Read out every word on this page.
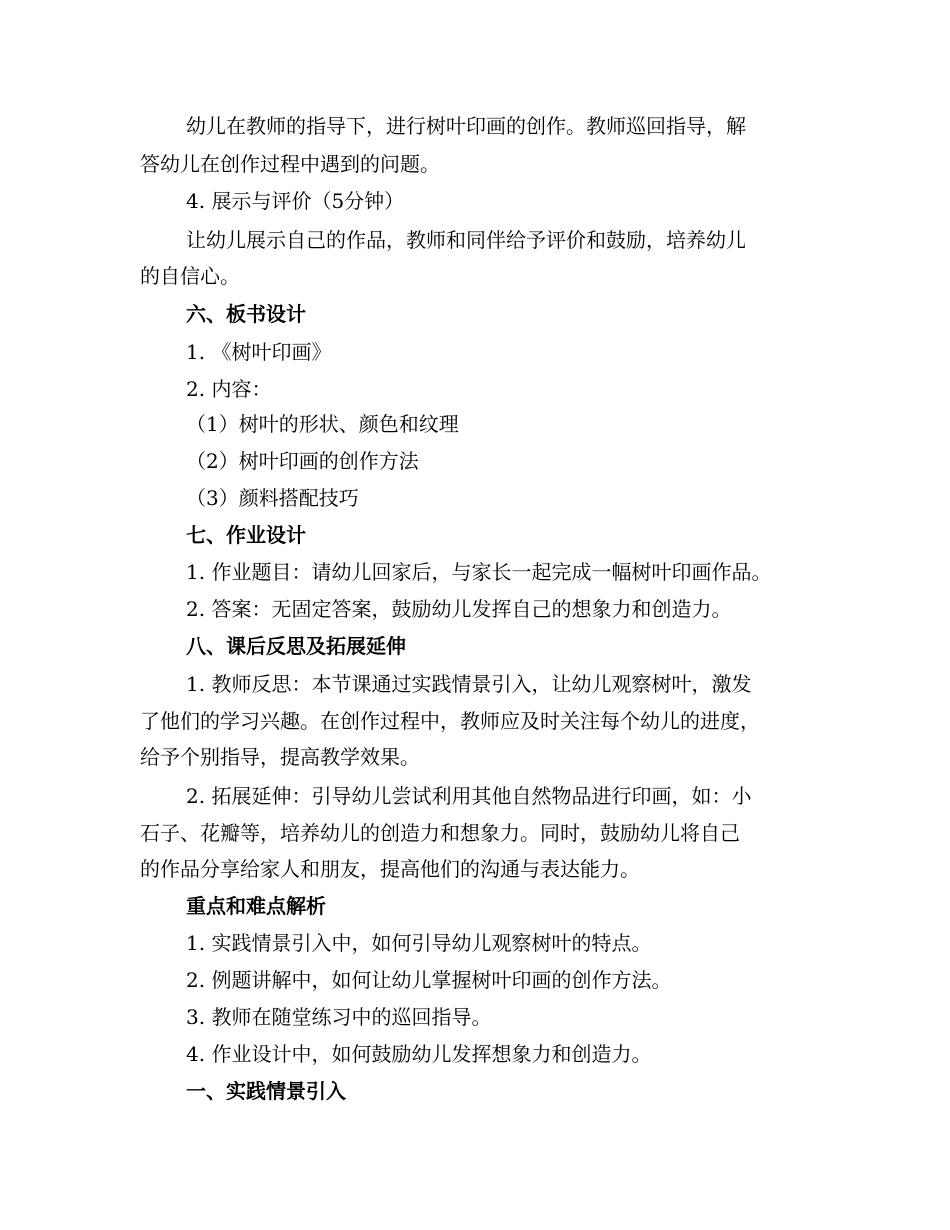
幼儿在教师的指导下，进行树叶印画的创作。教师巡回指导，解
答幼儿在创作过程中遇到的问题。
4. 展示与评价（5分钟）
让幼儿展示自己的作品，教师和同伴给予评价和鼓励，培养幼儿
的自信心。
六、板书设计
1. 《树叶印画》
2. 内容：
（1）树叶的形状、颜色和纹理
（2）树叶印画的创作方法
（3）颜料搭配技巧
七、作业设计
1. 作业题目：请幼儿回家后，与家长一起完成一幅树叶印画作品。
2. 答案：无固定答案，鼓励幼儿发挥自己的想象力和创造力。
八、课后反思及拓展延伸
1. 教师反思：本节课通过实践情景引入，让幼儿观察树叶，激发
了他们的学习兴趣。在创作过程中，教师应及时关注每个幼儿的进度，
给予个别指导，提高教学效果。
2. 拓展延伸：引导幼儿尝试利用其他自然物品进行印画，如：小
石子、花瓣等，培养幼儿的创造力和想象力。同时，鼓励幼儿将自己
的作品分享给家人和朋友，提高他们的沟通与表达能力。
重点和难点解析
1. 实践情景引入中，如何引导幼儿观察树叶的特点。
2. 例题讲解中，如何让幼儿掌握树叶印画的创作方法。
3. 教师在随堂练习中的巡回指导。
4. 作业设计中，如何鼓励幼儿发挥想象力和创造力。
一、实践情景引入
